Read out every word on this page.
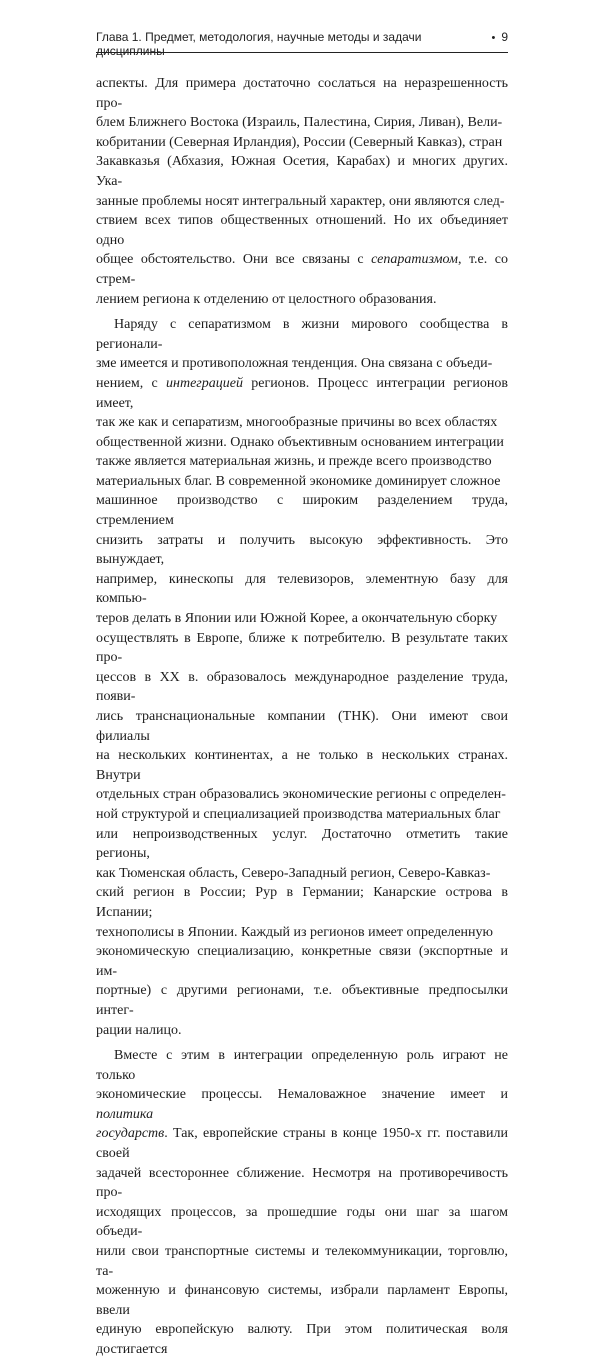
Глава 1. Предмет, методология, научные методы и задачи дисциплины
• 9

аспекты. Для примера достаточно сослаться на неразрешенность про-
блем Ближнего Востока (Израиль, Палестина, Сирия, Ливан), Вели-
кобритании (Северная Ирландия), России (Северный Кавказ), стран
Закавказья (Абхазия, Южная Осетия, Карабах) и многих других. Ука-
занные проблемы носят интегральный характер, они являются след-
ствием всех типов общественных отношений. Но их объединяет одно
общее обстоятельство. Они все связаны с сепаратизмом, т.е. со стрем-
лением региона к отделению от целостного образования.

Наряду с сепаратизмом в жизни мирового сообщества в регионали-
зме имеется и противоположная тенденция. Она связана с объеди-
нением, с интеграцией регионов. Процесс интеграции регионов имеет,
так же как и сепаратизм, многообразные причины во всех областях
общественной жизни. Однако объективным основанием интеграции
также является материальная жизнь, и прежде всего производство
материальных благ. В современной экономике доминирует сложное
машинное производство с широким разделением труда, стремлением
снизить затраты и получить высокую эффективность. Это вынуждает,
например, кинескопы для телевизоров, элементную базу для компью-
теров делать в Японии или Южной Корее, а окончательную сборку
осуществлять в Европе, ближе к потребителю. В результате таких про-
цессов в XX в. образовалось международное разделение труда, появи-
лись транснациональные компании (ТНК). Они имеют свои филиалы
на нескольких континентах, а не только в нескольких странах. Внутри
отдельных стран образовались экономические регионы с определен-
ной структурой и специализацией производства материальных благ
или непроизводственных услуг. Достаточно отметить такие регионы,
как Тюменская область, Северо-Западный регион, Северо-Кавказ-
ский регион в России; Рур в Германии; Канарские острова в Испании;
технополисы в Японии. Каждый из регионов имеет определенную
экономическую специализацию, конкретные связи (экспортные и им-
портные) с другими регионами, т.е. объективные предпосылки интег-
рации налицо.

Вместе с этим в интеграции определенную роль играют не только
экономические процессы. Немаловажное значение имеет и политика
государств. Так, европейские страны в конце 1950-х гг. поставили своей
задачей всестороннее сближение. Несмотря на противоречивость про-
исходящих процессов, за прошедшие годы они шаг за шагом объеди-
нили свои транспортные системы и телекоммуникации, торговлю, та-
моженную и финансовую системы, избрали парламент Европы, ввели
единую европейскую валюту. При этом политическая воля достигается
